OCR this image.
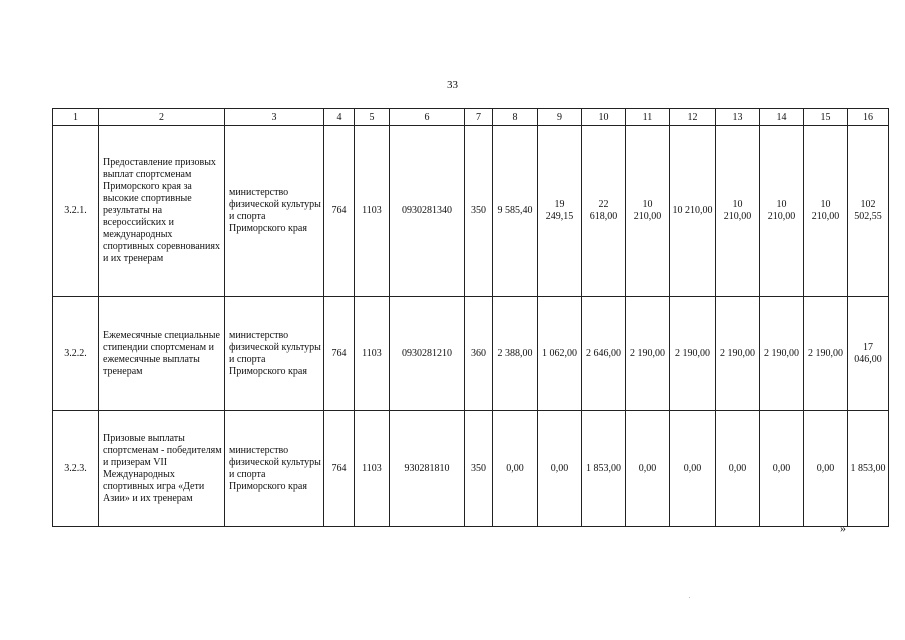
33
1	2	3	4	5	6	7	8	9	10	11	12	13	14	15	16
3.2.1.	Предоставление призовых выплат спортсменам Приморского края за высокие спортивные результаты на всероссийских и международных спортивных соревнованиях и их тренерам	министерство физической культуры и спорта Приморского края	764	1103	0930281340	350	9 585,40	19 249,15	22 618,00	10 210,00	10 210,00	10 210,00	10 210,00	10 210,00	102 502,55
3.2.2.	Ежемесячные специальные стипендии спортсменам и ежемесячные выплаты тренерам	министерство физической культуры и спорта Приморского края	764	1103	0930281210	360	2 388,00	1 062,00	2 646,00	2 190,00	2 190,00	2 190,00	2 190,00	2 190,00	17 046,00
3.2.3.	Призовые выплаты спортсменам - победителям и призерам VII Международных спортивных игра «Дети Азии» и их тренерам	министерство физической культуры и спорта Приморского края	764	1103	930281810	350	0,00	0,00	1 853,00	0,00	0,00	0,00	0,00	0,00	1 853,00
»
